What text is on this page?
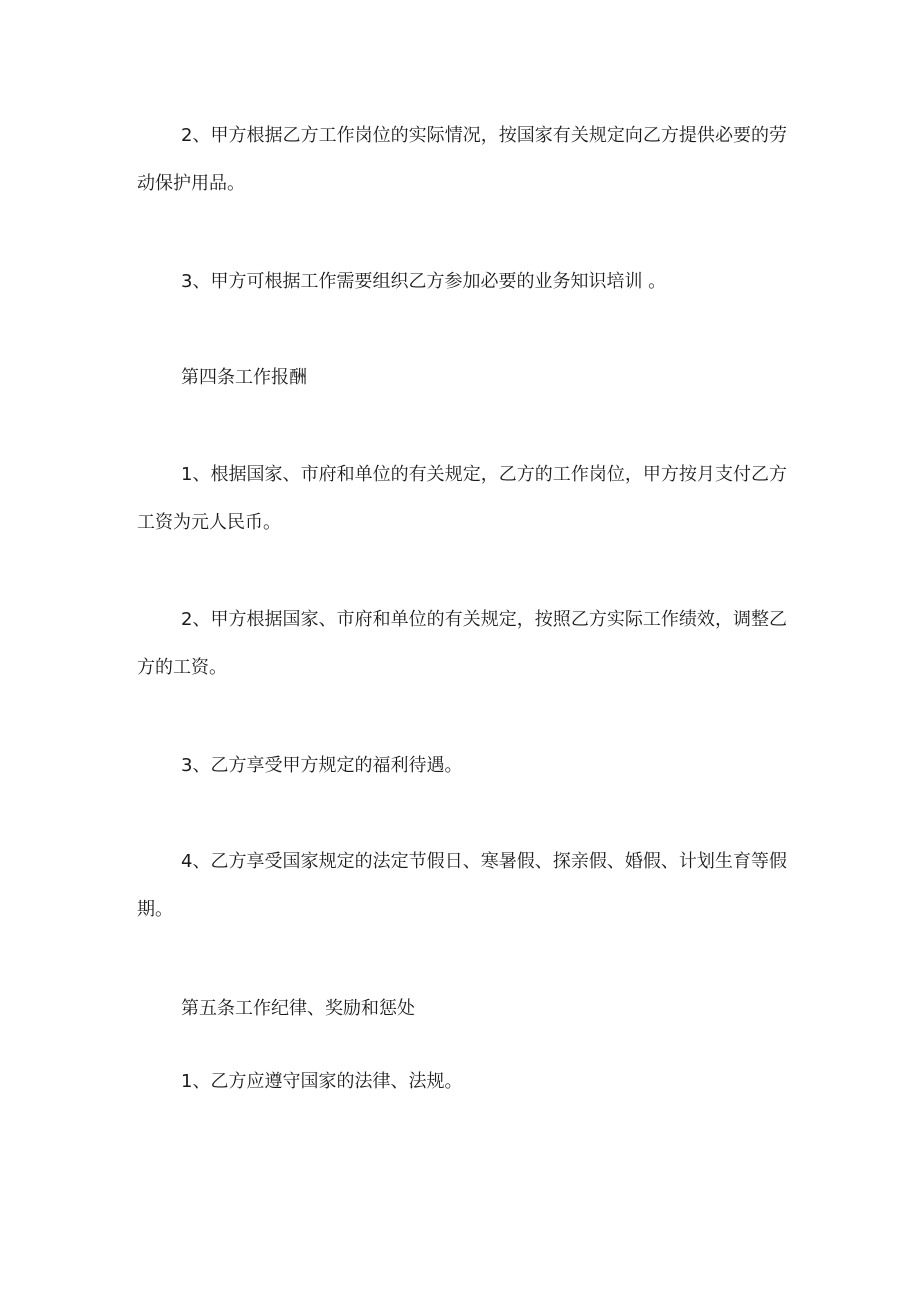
2、甲方根据乙方工作岗位的实际情况，按国家有关规定向乙方提供必要的劳动保护用品。

3、甲方可根据工作需要组织乙方参加必要的业务知识培训 。

第四条工作报酬

1、根据国家、市府和单位的有关规定，乙方的工作岗位，甲方按月支付乙方工资为元人民币。

2、甲方根据国家、市府和单位的有关规定，按照乙方实际工作绩效，调整乙方的工资。

3、乙方享受甲方规定的福利待遇。

4、乙方享受国家规定的法定节假日、寒暑假、探亲假、婚假、计划生育等假期。

第五条工作纪律、奖励和惩处

1、乙方应遵守国家的法律、法规。
